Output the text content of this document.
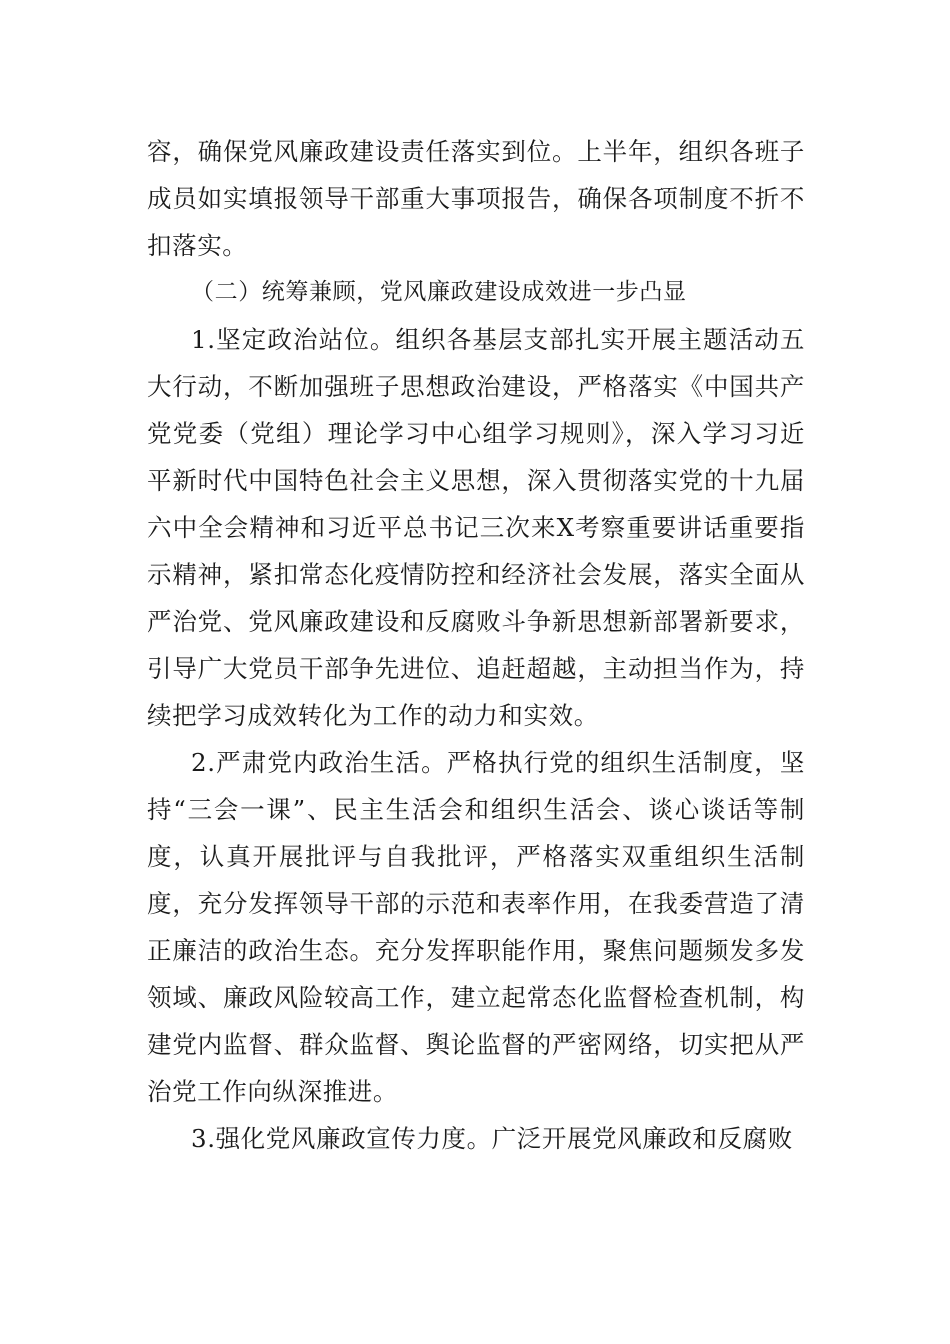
容，确保党风廉政建设责任落实到位。上半年，组织各班子成员如实填报领导干部重大事项报告，确保各项制度不折不扣落实。

（二）统筹兼顾，党风廉政建设成效进一步凸显

1.坚定政治站位。组织各基层支部扎实开展主题活动五大行动，不断加强班子思想政治建设，严格落实《中国共产党党委（党组）理论学习中心组学习规则》，深入学习习近平新时代中国特色社会主义思想，深入贯彻落实党的十九届六中全会精神和习近平总书记三次来X考察重要讲话重要指示精神，紧扣常态化疫情防控和经济社会发展，落实全面从严治党、党风廉政建设和反腐败斗争新思想新部署新要求，引导广大党员干部争先进位、追赶超越，主动担当作为，持续把学习成效转化为工作的动力和实效。

2.严肃党内政治生活。严格执行党的组织生活制度，坚持“三会一课”、民主生活会和组织生活会、谈心谈话等制度，认真开展批评与自我批评，严格落实双重组织生活制度，充分发挥领导干部的示范和表率作用，在我委营造了清正廉洁的政治生态。充分发挥职能作用，聚焦问题频发多发领域、廉政风险较高工作，建立起常态化监督检查机制，构建党内监督、群众监督、舆论监督的严密网络，切实把从严治党工作向纵深推进。

3.强化党风廉政宣传力度。广泛开展党风廉政和反腐败
